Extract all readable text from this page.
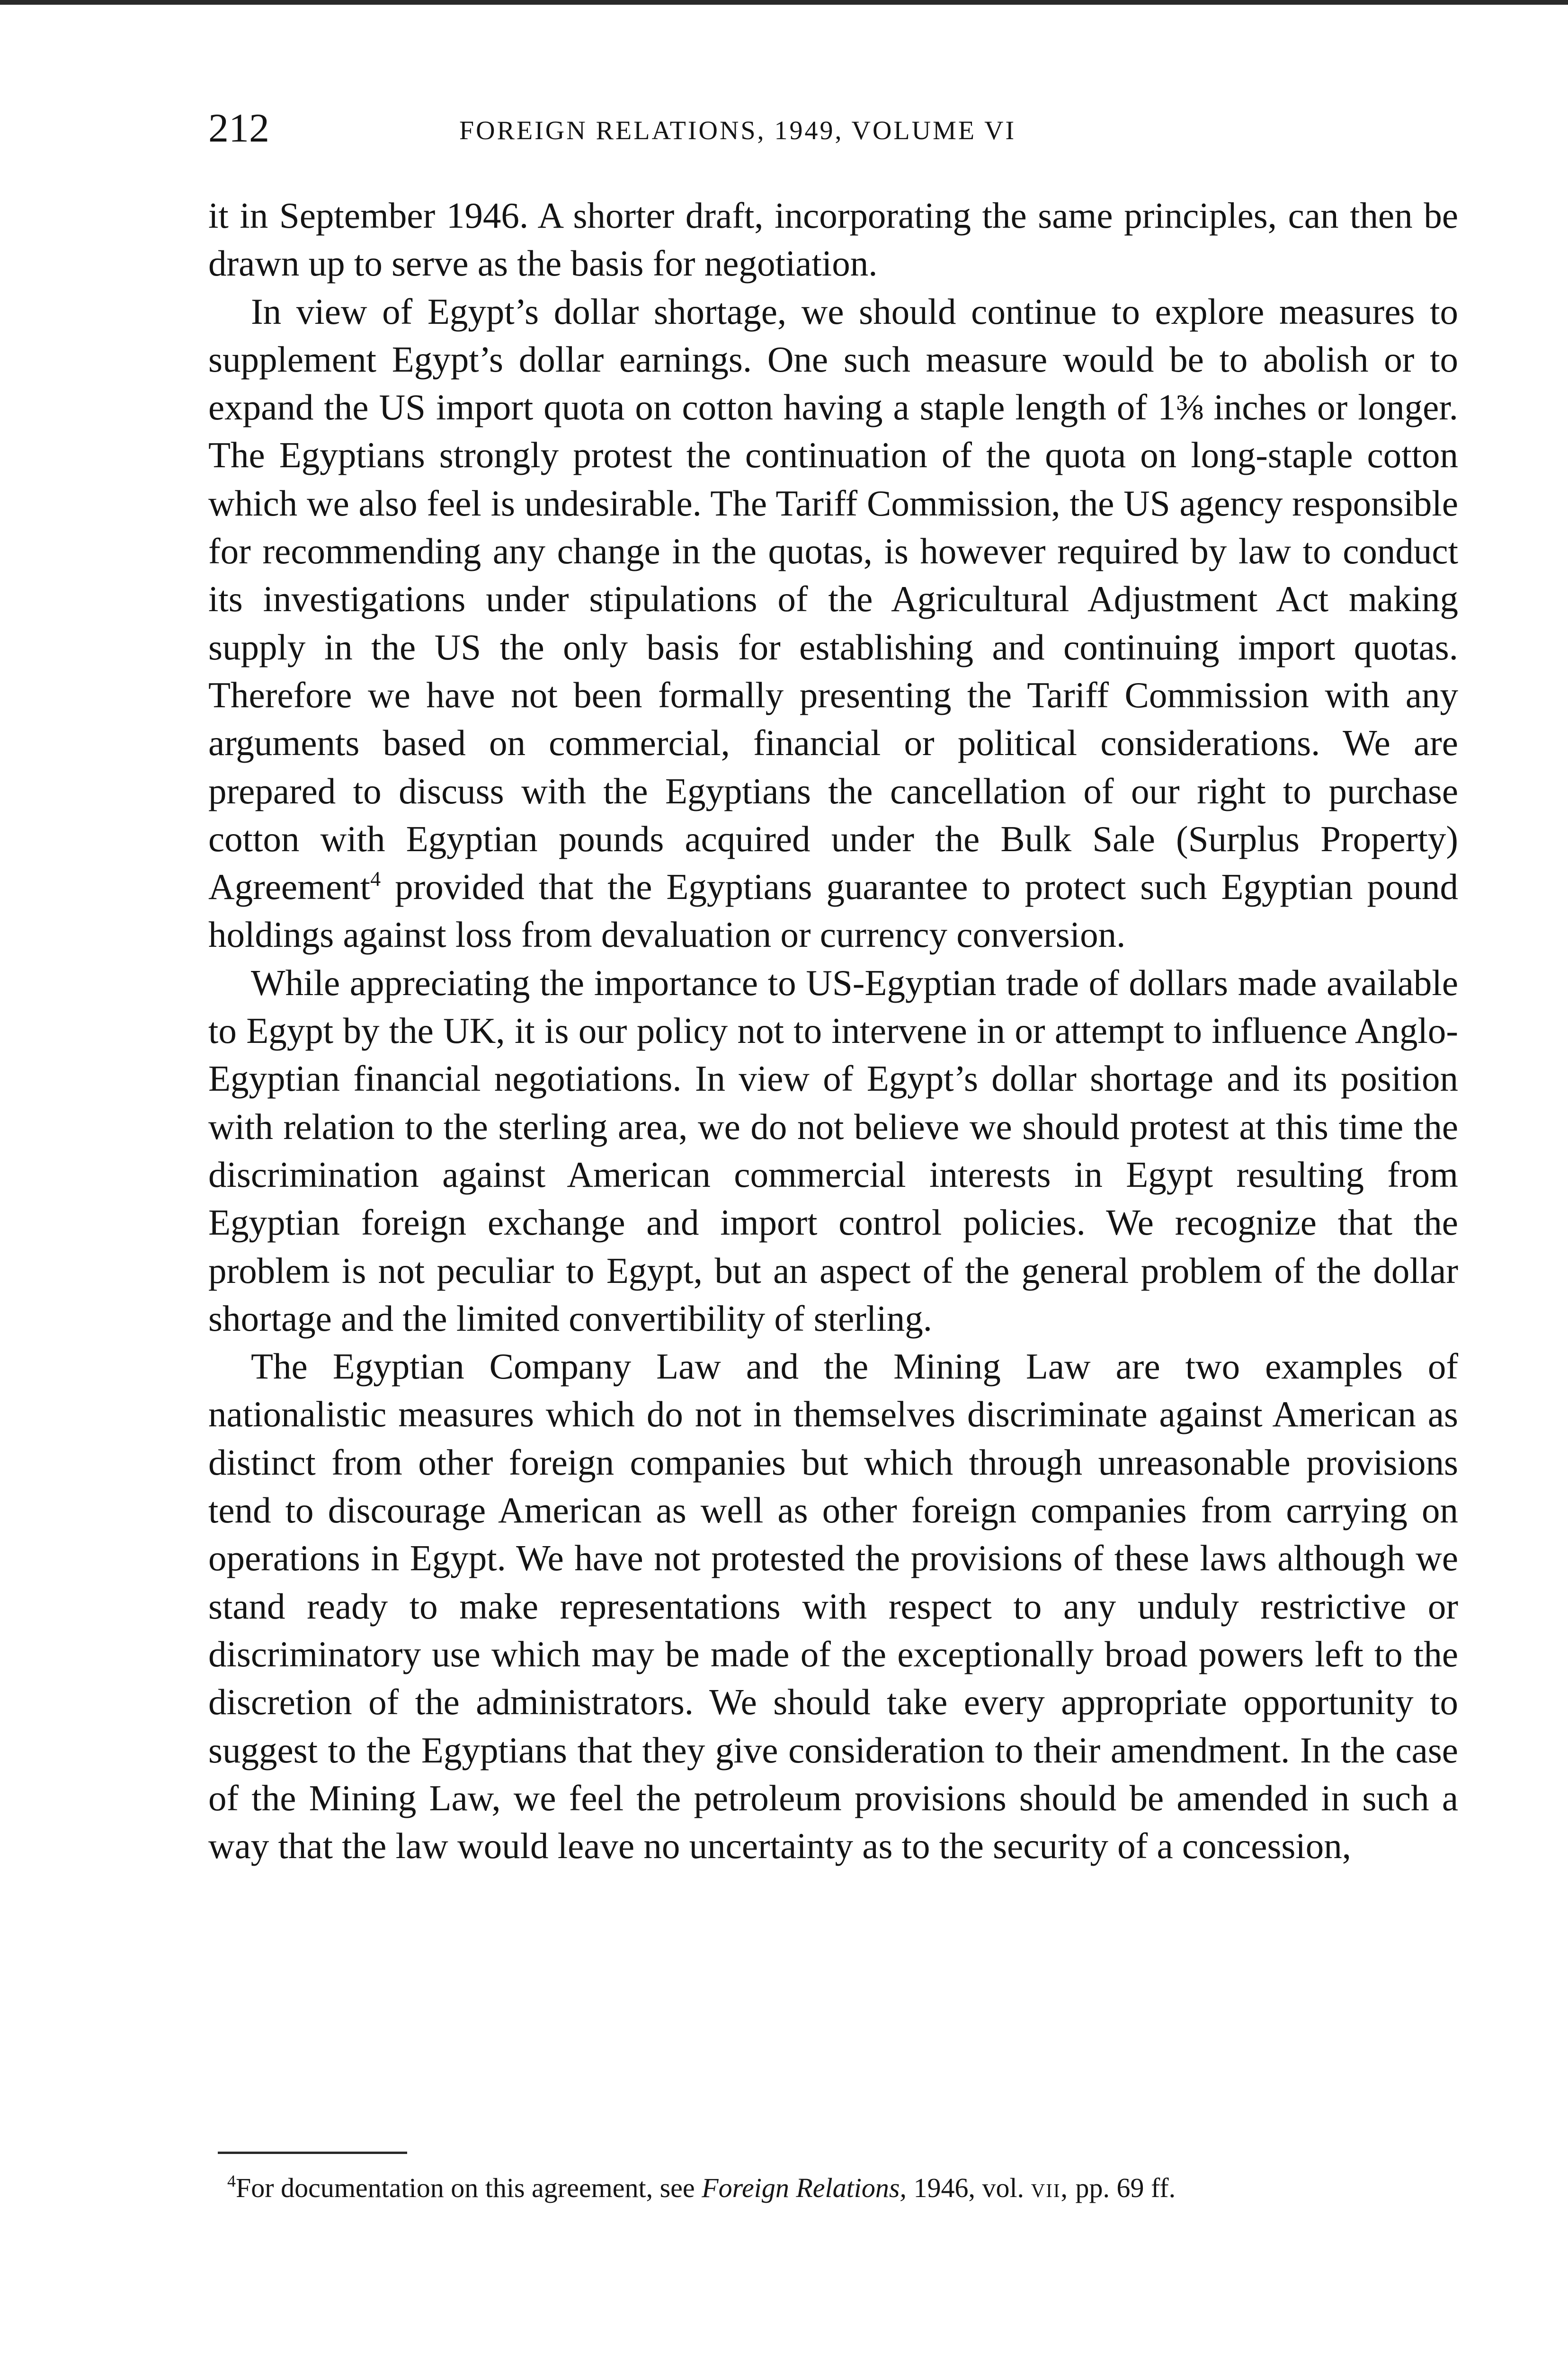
212	FOREIGN RELATIONS, 1949, VOLUME VI

it in September 1946. A shorter draft, incorporating the same principles, can then be drawn up to serve as the basis for negotiation.

In view of Egypt’s dollar shortage, we should continue to explore measures to supplement Egypt’s dollar earnings. One such measure would be to abolish or to expand the US import quota on cotton having a staple length of 1⅜ inches or longer. The Egyptians strongly protest the continuation of the quota on long-staple cotton which we also feel is undesirable. The Tariff Commission, the US agency responsible for recommending any change in the quotas, is however required by law to conduct its investigations under stipulations of the Agricultural Adjustment Act making supply in the US the only basis for establishing and continuing import quotas. Therefore we have not been formally presenting the Tariff Commission with any arguments based on commercial, financial or political considerations. We are prepared to discuss with the Egyptians the cancellation of our right to purchase cotton with Egyptian pounds acquired under the Bulk Sale (Surplus Property) Agreement$^4$ provided that the Egyptians guarantee to protect such Egyptian pound holdings against loss from devaluation or currency conversion.

While appreciating the importance to US-Egyptian trade of dollars made available to Egypt by the UK, it is our policy not to intervene in or attempt to influence Anglo-Egyptian financial negotiations. In view of Egypt’s dollar shortage and its position with relation to the sterling area, we do not believe we should protest at this time the discrimination against American commercial interests in Egypt resulting from Egyptian foreign exchange and import control policies. We recognize that the problem is not peculiar to Egypt, but an aspect of the general problem of the dollar shortage and the limited convertibility of sterling.

The Egyptian Company Law and the Mining Law are two examples of nationalistic measures which do not in themselves discriminate against American as distinct from other foreign companies but which through unreasonable provisions tend to discourage American as well as other foreign companies from carrying on operations in Egypt. We have not protested the provisions of these laws although we stand ready to make representations with respect to any unduly restrictive or discriminatory use which may be made of the exceptionally broad powers left to the discretion of the administrators. We should take every appropriate opportunity to suggest to the Egyptians that they give consideration to their amendment. In the case of the Mining Law, we feel the petroleum provisions should be amended in such a way that the law would leave no uncertainty as to the security of a concession,

$^4$For documentation on this agreement, see Foreign Relations, 1946, vol. vii, pp. 69 ff.
